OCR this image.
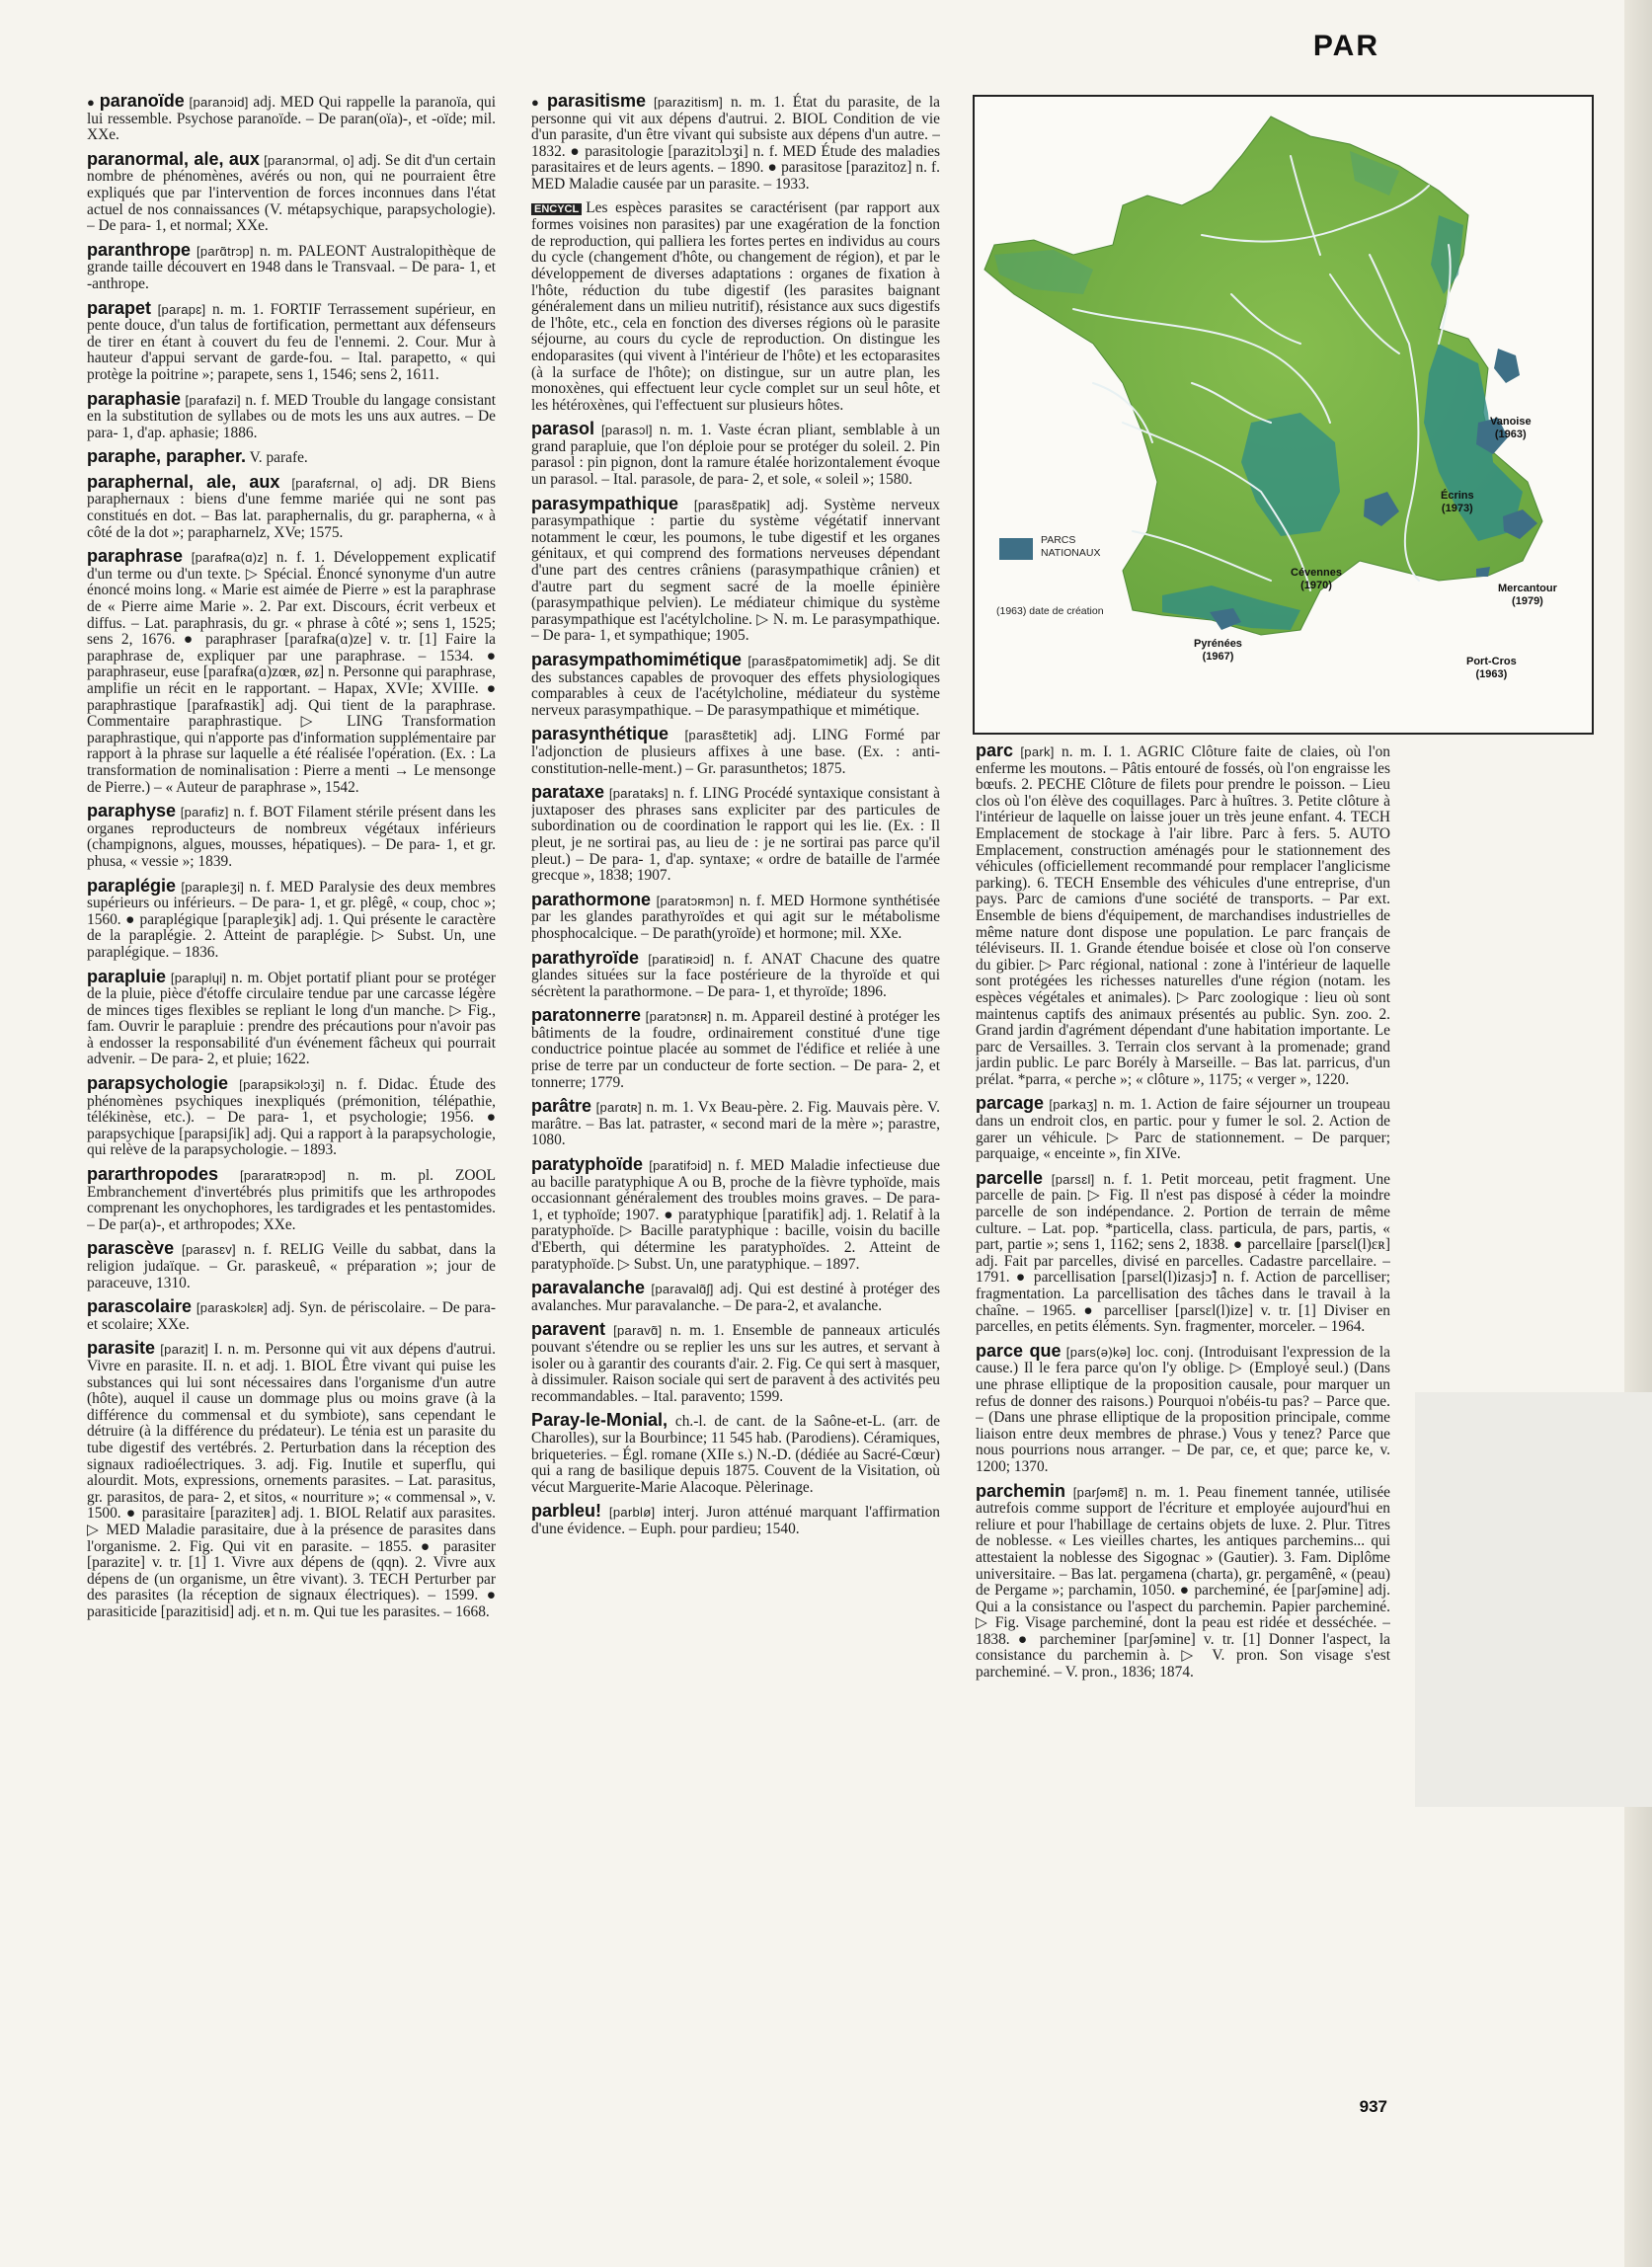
PAR

● paranoïde [paranɔid] adj. MED Qui rappelle la paranoïa, qui lui ressemble. Psychose paranoïde. – De paran(oïa)-, et -oïde; mil. XXe.

paranormal, ale, aux [paranɔrmal, o] adj. Se dit d'un certain nombre de phénomènes, avérés ou non, qui ne pourraient être expliqués que par l'intervention de forces inconnues dans l'état actuel de nos connaissances (V. métapsychique, parapsychologie). – De para- 1, et normal; XXe.

paranthrope [parɑ̃trɔp] n. m. PALEONT Australopithèque de grande taille découvert en 1948 dans le Transvaal. – De para- 1, et -anthrope.

parapet [parapɛ] n. m. 1. FORTIF Terrassement supérieur, en pente douce, d'un talus de fortification, permettant aux défenseurs de tirer en étant à couvert du feu de l'ennemi. 2. Cour. Mur à hauteur d'appui servant de garde-fou. – Ital. parapetto, « qui protège la poitrine »; parapete, sens 1, 1546; sens 2, 1611.

paraphasie [parafazi] n. f. MED Trouble du langage consistant en la substitution de syllabes ou de mots les uns aux autres. – De para- 1, d'ap. aphasie; 1886.

paraphe, parapher. V. parafe.

paraphernal, ale, aux [parafɛrnal, o] adj. DR Biens paraphernaux : biens d'une femme mariée qui ne sont pas constitués en dot. – Bas lat. paraphernalis, du gr. parapherna, « à côté de la dot »; parapharnelz, XVe; 1575.

paraphrase [parafʀa(ɑ)z] n. f. 1. Développement explicatif d'un terme ou d'un texte. ▷ Spécial. Énoncé synonyme d'un autre énoncé moins long. « Marie est aimée de Pierre » est la paraphrase de « Pierre aime Marie ». 2. Par ext. Discours, écrit verbeux et diffus. – Lat. paraphrasis, du gr. « phrase à côté »; sens 1, 1525; sens 2, 1676. ● paraphraser [parafʀa(ɑ)ze] v. tr. [1] Faire la paraphrase de, expliquer par une paraphrase. – 1534. ● paraphraseur, euse [parafʀa(ɑ)zœʀ, øz] n. Personne qui paraphrase, amplifie un récit en le rapportant. – Hapax, XVIe; XVIIIe. ● paraphrastique [parafʀastik] adj. Qui tient de la paraphrase. Commentaire paraphrastique. ▷ LING Transformation paraphrastique, qui n'apporte pas d'information supplémentaire par rapport à la phrase sur laquelle a été réalisée l'opération. (Ex. : La transformation de nominalisation : Pierre a menti → Le mensonge de Pierre.) – « Auteur de paraphrase », 1542.

paraphyse [parafiz] n. f. BOT Filament stérile présent dans les organes reproducteurs de nombreux végétaux inférieurs (champignons, algues, mousses, hépatiques). – De para- 1, et gr. phusa, « vessie »; 1839.

paraplégie [parapleʒi] n. f. MED Paralysie des deux membres supérieurs ou inférieurs. – De para- 1, et gr. plêgê, « coup, choc »; 1560. ● paraplégique [parapleʒik] adj. 1. Qui présente le caractère de la paraplégie. 2. Atteint de paraplégie. ▷ Subst. Un, une paraplégique. – 1836.

parapluie [paraplɥi] n. m. Objet portatif pliant pour se protéger de la pluie, pièce d'étoffe circulaire tendue par une carcasse légère de minces tiges flexibles se repliant le long d'un manche. ▷ Fig., fam. Ouvrir le parapluie : prendre des précautions pour n'avoir pas à endosser la responsabilité d'un événement fâcheux qui pourrait advenir. – De para- 2, et pluie; 1622.

parapsychologie [parapsikɔlɔʒi] n. f. Didac. Étude des phénomènes psychiques inexpliqués (prémonition, télépathie, télékinèse, etc.). – De para- 1, et psychologie; 1956. ● parapsychique [parapsiʃik] adj. Qui a rapport à la parapsychologie, qui relève de la parapsychologie. – 1893.

pararthropodes [pararatʀɔpɔd] n. m. pl. ZOOL Embranchement d'invertébrés plus primitifs que les arthropodes comprenant les onychophores, les tardigrades et les pentastomides. – De par(a)-, et arthropodes; XXe.

parascève [parasɛv] n. f. RELIG Veille du sabbat, dans la religion judaïque. – Gr. paraskeuê, « préparation »; jour de paraceuve, 1310.

parascolaire [paraskɔlɛʀ] adj. Syn. de périscolaire. – De para- et scolaire; XXe.

parasite [parazit] I. n. m. Personne qui vit aux dépens d'autrui. Vivre en parasite. II. n. et adj. 1. BIOL Être vivant qui puise les substances qui lui sont nécessaires dans l'organisme d'un autre (hôte), auquel il cause un dommage plus ou moins grave (à la différence du commensal et du symbiote), sans cependant le détruire (à la différence du prédateur). Le ténia est un parasite du tube digestif des vertébrés. 2. Perturbation dans la réception des signaux radioélectriques. 3. adj. Fig. Inutile et superflu, qui alourdit. Mots, expressions, ornements parasites. – Lat. parasitus, gr. parasitos, de para- 2, et sitos, « nourriture »; « commensal », v. 1500. ● parasitaire [paraziteʀ] adj. 1. BIOL Relatif aux parasites. ▷ MED Maladie parasitaire, due à la présence de parasites dans l'organisme. 2. Fig. Qui vit en parasite. – 1855. ● parasiter [parazite] v. tr. [1] 1. Vivre aux dépens de (qqn). 2. Vivre aux dépens de (un organisme, un être vivant). 3. TECH Perturber par des parasites (la réception de signaux électriques). – 1599. ● parasiticide [parazitisid] adj. et n. m. Qui tue les parasites. – 1668.

● parasitisme [parazitism] n. m. 1. État du parasite, de la personne qui vit aux dépens d'autrui. 2. BIOL Condition de vie d'un parasite, d'un être vivant qui subsiste aux dépens d'un autre. – 1832. ● parasitologie [parazitɔlɔʒi] n. f. MED Étude des maladies parasitaires et de leurs agents. – 1890. ● parasitose [parazitoz] n. f. MED Maladie causée par un parasite. – 1933.

ENCYCL Les espèces parasites se caractérisent (par rapport aux formes voisines non parasites) par une exagération de la fonction de reproduction, qui palliera les fortes pertes en individus au cours du cycle (changement d'hôte, ou changement de région), et par le développement de diverses adaptations : organes de fixation à l'hôte, réduction du tube digestif (les parasites baignant généralement dans un milieu nutritif), résistance aux sucs digestifs de l'hôte, etc., cela en fonction des diverses régions où le parasite séjourne, au cours du cycle de reproduction. On distingue les endoparasites (qui vivent à l'intérieur de l'hôte) et les ectoparasites (à la surface de l'hôte); on distingue, sur un autre plan, les monoxènes, qui effectuent leur cycle complet sur un seul hôte, et les hétéroxènes, qui l'effectuent sur plusieurs hôtes.

parasol [parasɔl] n. m. 1. Vaste écran pliant, semblable à un grand parapluie, que l'on déploie pour se protéger du soleil. 2. Pin parasol : pin pignon, dont la ramure étalée horizontalement évoque un parasol. – Ital. parasole, de para- 2, et sole, « soleil »; 1580.

parasympathique [parasɛ̃patik] adj. Système nerveux parasympathique : partie du système végétatif innervant notamment le cœur, les poumons, le tube digestif et les organes génitaux, et qui comprend des formations nerveuses dépendant d'une part des centres crâniens (parasympathique crânien) et d'autre part du segment sacré de la moelle épinière (parasympathique pelvien). Le médiateur chimique du système parasympathique est l'acétylcholine. ▷ N. m. Le parasympathique. – De para- 1, et sympathique; 1905.

parasympathomimétique [parasɛ̃patomimetik] adj. Se dit des substances capables de provoquer des effets physiologiques comparables à ceux de l'acétylcholine, médiateur du système nerveux parasympathique. – De parasympathique et mimétique.

parasynthétique [parasɛ̃tetik] adj. LING Formé par l'adjonction de plusieurs affixes à une base. (Ex. : anti-constitution-nelle-ment.) – Gr. parasunthetos; 1875.

parataxe [parataks] n. f. LING Procédé syntaxique consistant à juxtaposer des phrases sans expliciter par des particules de subordination ou de coordination le rapport qui les lie. (Ex. : Il pleut, je ne sortirai pas, au lieu de : je ne sortirai pas parce qu'il pleut.) – De para- 1, d'ap. syntaxe; « ordre de bataille de l'armée grecque », 1838; 1907.

parathormone [paratɔʀmɔn] n. f. MED Hormone synthétisée par les glandes parathyroïdes et qui agit sur le métabolisme phosphocalcique. – De parath(yroïde) et hormone; mil. XXe.

parathyroïde [paratiʀɔid] n. f. ANAT Chacune des quatre glandes situées sur la face postérieure de la thyroïde et qui sécrètent la parathormone. – De para- 1, et thyroïde; 1896.

paratonnerre [paratɔnɛʀ] n. m. Appareil destiné à protéger les bâtiments de la foudre, ordinairement constitué d'une tige conductrice pointue placée au sommet de l'édifice et reliée à une prise de terre par un conducteur de forte section. – De para- 2, et tonnerre; 1779.

parâtre [parɑtʀ] n. m. 1. Vx Beau-père. 2. Fig. Mauvais père. V. marâtre. – Bas lat. patraster, « second mari de la mère »; parastre, 1080.

paratyphoïde [paratifɔid] n. f. MED Maladie infectieuse due au bacille paratyphique A ou B, proche de la fièvre typhoïde, mais occasionnant généralement des troubles moins graves. – De para- 1, et typhoïde; 1907. ● paratyphique [paratifik] adj. 1. Relatif à la paratyphoïde. ▷ Bacille paratyphique : bacille, voisin du bacille d'Eberth, qui détermine les paratyphoïdes. 2. Atteint de paratyphoïde. ▷ Subst. Un, une paratyphique. – 1897.

paravalanche [paravalɑ̃ʃ] adj. Qui est destiné à protéger des avalanches. Mur paravalanche. – De para-2, et avalanche.

paravent [paravɑ̃] n. m. 1. Ensemble de panneaux articulés pouvant s'étendre ou se replier les uns sur les autres, et servant à isoler ou à garantir des courants d'air. 2. Fig. Ce qui sert à masquer, à dissimuler. Raison sociale qui sert de paravent à des activités peu recommandables. – Ital. paravento; 1599.

Paray-le-Monial, ch.-l. de cant. de la Saône-et-L. (arr. de Charolles), sur la Bourbince; 11 545 hab. (Parodiens). Céramiques, briqueteries. – Égl. romane (XIIe s.) N.-D. (dédiée au Sacré-Cœur) qui a rang de basilique depuis 1875. Couvent de la Visitation, où vécut Marguerite-Marie Alacoque. Pèlerinage.

parbleu! [parblø] interj. Juron atténué marquant l'affirmation d'une évidence. – Euph. pour pardieu; 1540.

PARCS NATIONAUX
(1963) date de création
Vanoise
(1963)
Écrins
(1973)
Cévennes
(1970)	Mercantour
(1979)
Pyrénées
(1967)	Port-Cros
(1963)

parc [park] n. m. I. 1. AGRIC Clôture faite de claies, où l'on enferme les moutons. – Pâtis entouré de fossés, où l'on engraisse les bœufs. 2. PECHE Clôture de filets pour prendre le poisson. – Lieu clos où l'on élève des coquillages. Parc à huîtres. 3. Petite clôture à l'intérieur de laquelle on laisse jouer un très jeune enfant. 4. TECH Emplacement de stockage à l'air libre. Parc à fers. 5. AUTO Emplacement, construction aménagés pour le stationnement des véhicules (officiellement recommandé pour remplacer l'anglicisme parking). 6. TECH Ensemble des véhicules d'une entreprise, d'un pays. Parc de camions d'une société de transports. – Par ext. Ensemble de biens d'équipement, de marchandises industrielles de même nature dont dispose une population. Le parc français de téléviseurs. II. 1. Grande étendue boisée et close où l'on conserve du gibier. ▷ Parc régional, national : zone à l'intérieur de laquelle sont protégées les richesses naturelles d'une région (notam. les espèces végétales et animales). ▷ Parc zoologique : lieu où sont maintenus captifs des animaux présentés au public. Syn. zoo. 2. Grand jardin d'agrément dépendant d'une habitation importante. Le parc de Versailles. 3. Terrain clos servant à la promenade; grand jardin public. Le parc Borély à Marseille. – Bas lat. parricus, d'un prélat. *parra, « perche »; « clôture », 1175; « verger », 1220.

parcage [parkaʒ] n. m. 1. Action de faire séjourner un troupeau dans un endroit clos, en partic. pour y fumer le sol. 2. Action de garer un véhicule. ▷ Parc de stationnement. – De parquer; parquaige, « enceinte », fin XIVe.

parcelle [parsɛl] n. f. 1. Petit morceau, petit fragment. Une parcelle de pain. ▷ Fig. Il n'est pas disposé à céder la moindre parcelle de son indépendance. 2. Portion de terrain de même culture. – Lat. pop. *particella, class. particula, de pars, partis, « part, partie »; sens 1, 1162; sens 2, 1838. ● parcellaire [parsɛl(l)ɛʀ] adj. Fait par parcelles, divisé en parcelles. Cadastre parcellaire. – 1791. ● parcellisation [parsɛl(l)izasjɔ̃] n. f. Action de parcelliser; fragmentation. La parcellisation des tâches dans le travail à la chaîne. – 1965. ● parcelliser [parsɛl(l)ize] v. tr. [1] Diviser en parcelles, en petits éléments. Syn. fragmenter, morceler. – 1964.

parce que [pars(ə)kə] loc. conj. (Introduisant l'expression de la cause.) Il le fera parce qu'on l'y oblige. ▷ (Employé seul.) (Dans une phrase elliptique de la proposition causale, pour marquer un refus de donner des raisons.) Pourquoi n'obéis-tu pas? – Parce que. – (Dans une phrase elliptique de la proposition principale, comme liaison entre deux membres de phrase.) Vous y tenez? Parce que nous pourrions nous arranger. – De par, ce, et que; parce ke, v. 1200; 1370.

parchemin [parʃəmɛ̃] n. m. 1. Peau finement tannée, utilisée autrefois comme support de l'écriture et employée aujourd'hui en reliure et pour l'habillage de certains objets de luxe. 2. Plur. Titres de noblesse. « Les vieilles chartes, les antiques parchemins... qui attestaient la noblesse des Sigognac » (Gautier). 3. Fam. Diplôme universitaire. – Bas lat. pergamena (charta), gr. pergamênê, « (peau) de Pergame »; parchamin, 1050. ● parcheminé, ée [parʃəmine] adj. Qui a la consistance ou l'aspect du parchemin. Papier parcheminé. ▷ Fig. Visage parcheminé, dont la peau est ridée et desséchée. – 1838. ● parcheminer [parʃəmine] v. tr. [1] Donner l'aspect, la consistance du parchemin à. ▷ V. pron. Son visage s'est parcheminé. – V. pron., 1836; 1874.

937
